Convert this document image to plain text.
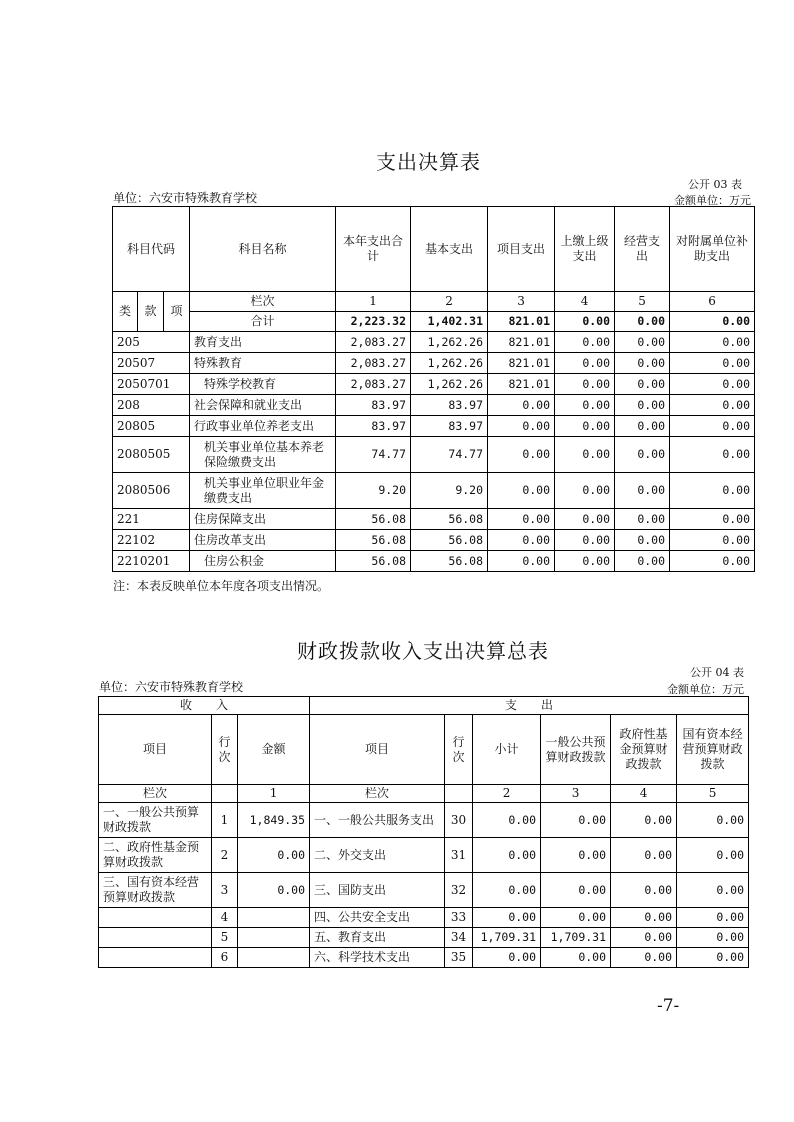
支出决算表
公开 03 表
单位：六安市特殊教育学校	金额单位：万元
科目代码			科目名称	本年支出合计	基本支出	项目支出	上缴上级支出	经营支出	对附属单位补助支出
类	款	项	栏次	1	2	3	4	5	6
			合计	2,223.32	1,402.31	821.01	0.00	0.00	0.00
205			教育支出	2,083.27	1,262.26	821.01	0.00	0.00	0.00
20507			特殊教育	2,083.27	1,262.26	821.01	0.00	0.00	0.00
2050701			特殊学校教育	2,083.27	1,262.26	821.01	0.00	0.00	0.00
208			社会保障和就业支出	83.97	83.97	0.00	0.00	0.00	0.00
20805			行政事业单位养老支出	83.97	83.97	0.00	0.00	0.00	0.00
2080505			机关事业单位基本养老保险缴费支出	74.77	74.77	0.00	0.00	0.00	0.00
2080506			机关事业单位职业年金缴费支出	9.20	9.20	0.00	0.00	0.00	0.00
221			住房保障支出	56.08	56.08	0.00	0.00	0.00	0.00
22102			住房改革支出	56.08	56.08	0.00	0.00	0.00	0.00
2210201			住房公积金	56.08	56.08	0.00	0.00	0.00	0.00
注：本表反映单位本年度各项支出情况。
财政拨款收入支出决算总表
公开 04 表
单位：六安市特殊教育学校	金额单位：万元
收　　入			支　　出					
项目	行次	金额	项目	行次	小计	一般公共预算财政拨款	政府性基金预算财政拨款	国有资本经营预算财政拨款
栏次		1	栏次		2	3	4	5
一、一般公共预算财政拨款	1	1,849.35	一、一般公共服务支出	30	0.00	0.00	0.00	0.00
二、政府性基金预算财政拨款	2	0.00	二、外交支出	31	0.00	0.00	0.00	0.00
三、国有资本经营预算财政拨款	3	0.00	三、国防支出	32	0.00	0.00	0.00	0.00
	4		四、公共安全支出	33	0.00	0.00	0.00	0.00
	5		五、教育支出	34	1,709.31	1,709.31	0.00	0.00
	6		六、科学技术支出	35	0.00	0.00	0.00	0.00
-7-
